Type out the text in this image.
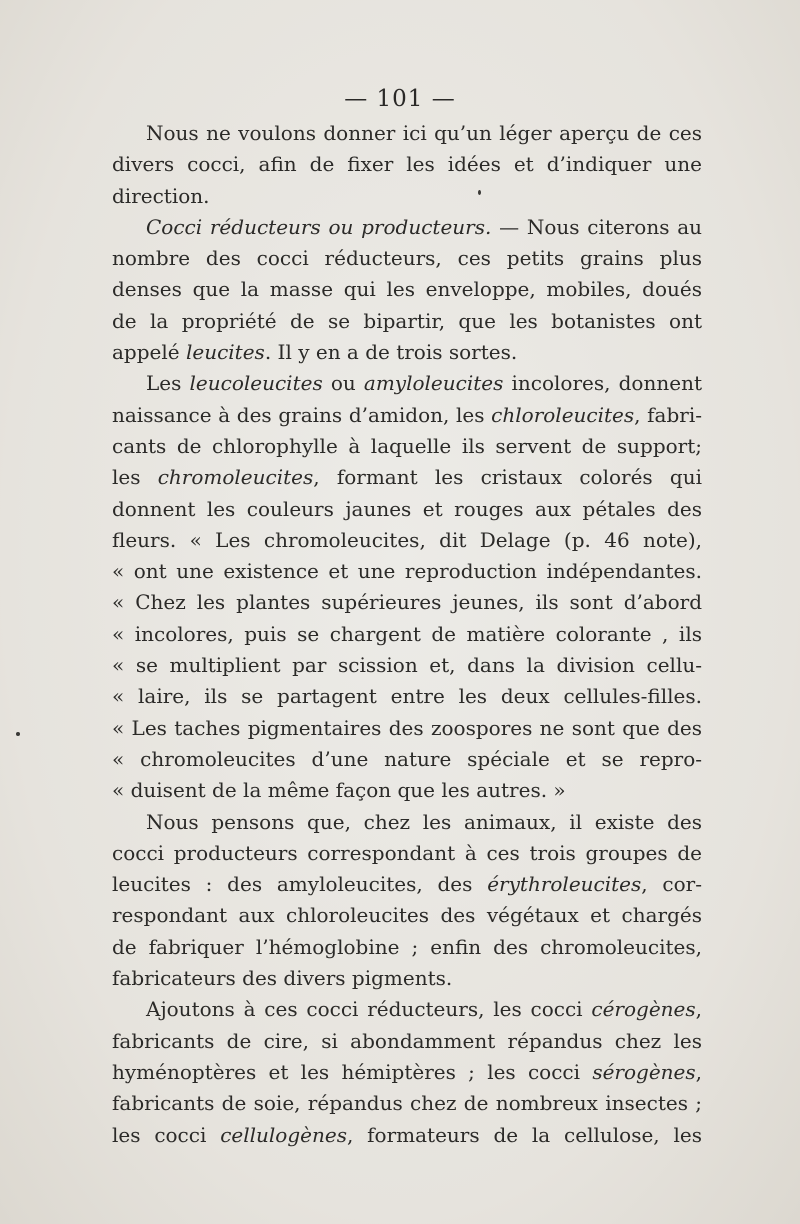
— 101 —
Nous ne voulons donner ici qu’un léger aperçu de ces
divers cocci, afin de fixer les idées et d’indiquer une
direction.
Cocci réducteurs ou producteurs. — Nous citerons au
nombre des cocci réducteurs, ces petits grains plus
denses que la masse qui les enveloppe, mobiles, doués
de la propriété de se bipartir, que les botanistes ont
appelé leucites. Il y en a de trois sortes.
Les leucoleucites ou amyloleucites incolores, donnent
naissance à des grains d’amidon, les chloroleucites, fabri-
cants de chlorophylle à laquelle ils servent de support;
les chromoleucites, formant les cristaux colorés qui
donnent les couleurs jaunes et rouges aux pétales des
fleurs. « Les chromoleucites, dit Delage (p. 46 note),
« ont une existence et une reproduction indépendantes.
« Chez les plantes supérieures jeunes, ils sont d’abord
« incolores, puis se chargent de matière colorante , ils
« se multiplient par scission et, dans la division cellu-
« laire, ils se partagent entre les deux cellules-filles.
« Les taches pigmentaires des zoospores ne sont que des
« chromoleucites d’une nature spéciale et se repro-
« duisent de la même façon que les autres. »
Nous pensons que, chez les animaux, il existe des
cocci producteurs correspondant à ces trois groupes de
leucites : des amyloleucites, des érythroleucites, cor-
respondant aux chloroleucites des végétaux et chargés
de fabriquer l’hémoglobine ; enfin des chromoleucites,
fabricateurs des divers pigments.
Ajoutons à ces cocci réducteurs, les cocci cérogènes,
fabricants de cire, si abondamment répandus chez les
hyménoptères et les hémiptères ; les cocci sérogènes,
fabricants de soie, répandus chez de nombreux insectes ;
les cocci cellulogènes, formateurs de la cellulose, les
